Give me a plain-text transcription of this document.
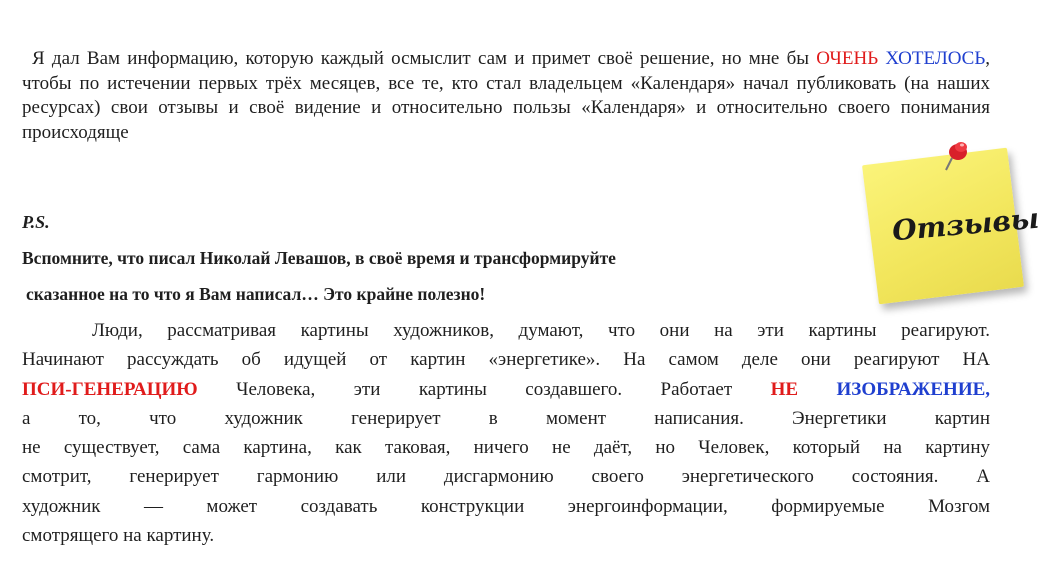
Я дал Вам информацию, которую каждый осмыслит сам и примет своё решение, но мне бы ОЧЕНЬ ХОТЕЛОСЬ, чтобы по истечении первых трёх месяцев, все те, кто стал владельцем «Календаря» начал публиковать (на наших ресурсах) свои отзывы и своё видение и относительно пользы «Календаря» и относительно своего понимания происходяще

P.S.

Вспомните, что писал Николай Левашов, в своё время и трансформируйте

сказанное на то что я Вам написал… Это крайне полезно!

Люди, рассматривая картины художников, думают, что они на эти картины реагируют.
Начинают рассуждать об идущей от картин «энергетике». На самом деле они реагируют НА
ПСИ-ГЕНЕРАЦИЮ Человека, эти картины создавшего. Работает НЕ ИЗОБРАЖЕНИЕ,
а то, что художник генерирует в момент написания. Энергетики картин
не существует, сама картина, как таковая, ничего не даёт, но Человек, который на картину
смотрит, генерирует гармонию или дисгармонию своего энергетического состояния. А
художник — может создавать конструкции энергоинформации, формируемые Мозгом
смотрящего на картину.
Отзывы
